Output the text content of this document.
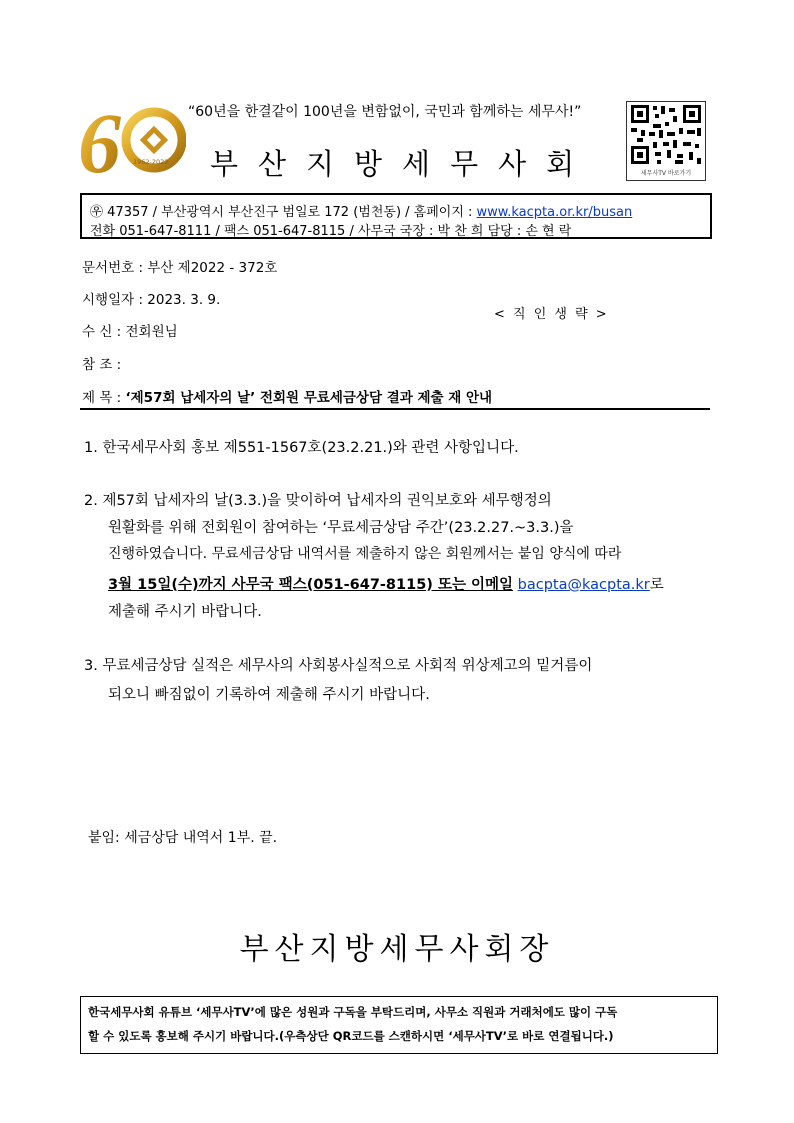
“60년을 한결같이 100년을 변함없이, 국민과 함께하는 세무사!”
6 1962-2022 부산지방세무사회	세무사TV 바로가기
㉾ 47357 / 부산광역시 부산진구 범일로 172 (범천동) / 홈페이지 : www.kacpta.or.kr/busan
전화 051-647-8111 / 팩스 051-647-8115 / 사무국 국장 : 박 찬 희 담당 : 손 현 락
문서번호 : 부산 제2022 - 372호
시행일자 : 2023. 3. 9.
< 직 인 생 략 >
수 신 : 전회원님
참 조 :
제 목 : ‘제57회 납세자의 날’ 전회원 무료세금상담 결과 제출 재 안내
1. 한국세무사회 홍보 제551-1567호(23.2.21.)와 관련 사항입니다.
2. 제57회 납세자의 날(3.3.)을 맞이하여 납세자의 권익보호와 세무행정의
원활화를 위해 전회원이 참여하는 ‘무료세금상담 주간’(23.2.27.~3.3.)을
진행하였습니다. 무료세금상담 내역서를 제출하지 않은 회원께서는 붙임 양식에 따라
3월 15일(수)까지 사무국 팩스(051-647-8115) 또는 이메일 bacpta@kacpta.kr로
제출해 주시기 바랍니다.
3. 무료세금상담 실적은 세무사의 사회봉사실적으로 사회적 위상제고의 밑거름이
되오니 빠짐없이 기록하여 제출해 주시기 바랍니다.
붙임: 세금상담 내역서 1부. 끝.
부산지방세무사회장
한국세무사회 유튜브 ‘세무사TV’에 많은 성원과 구독을 부탁드리며, 사무소 직원과 거래처에도 많이 구독
할 수 있도록 홍보해 주시기 바랍니다.(우측상단 QR코드를 스캔하시면 ‘세무사TV’로 바로 연결됩니다.)
